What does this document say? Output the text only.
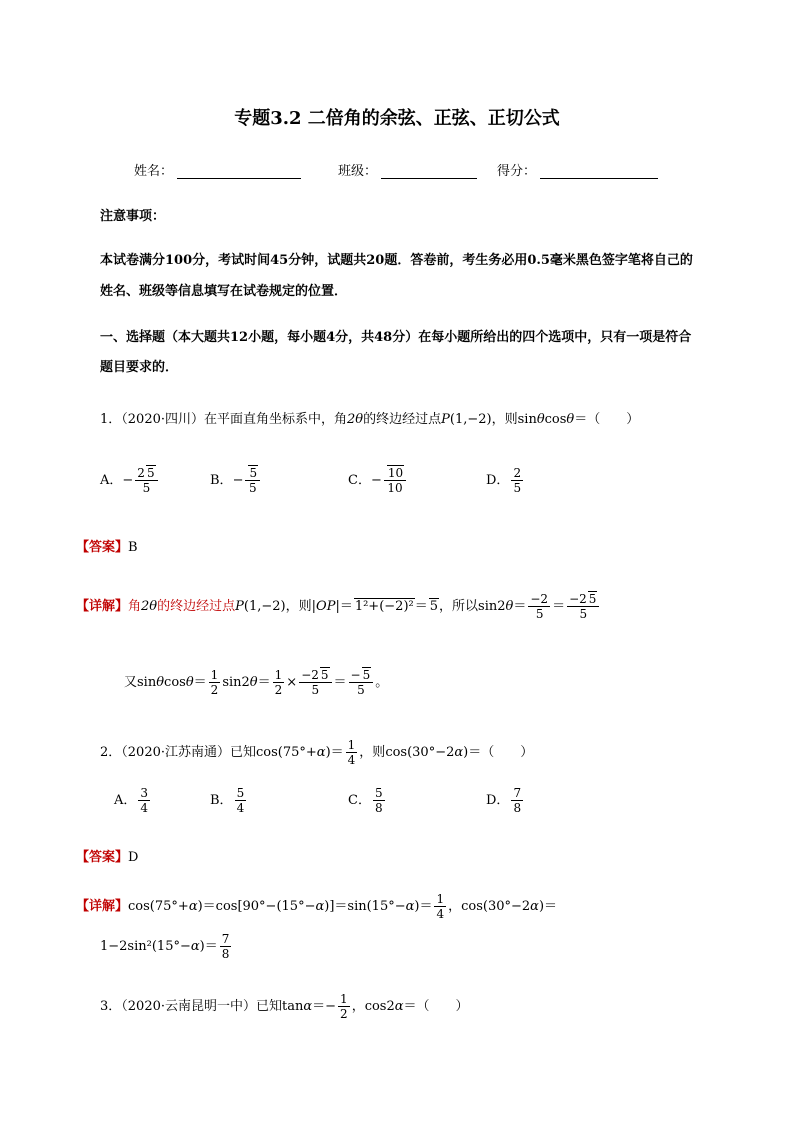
专题3.2 二倍角的余弦、正弦、正切公式
姓名：	班级：	得分：
注意事项：
本试卷满分100分，考试时间45分钟，试题共20题．答卷前，考生务必用0.5毫米黑色签字笔将自己的
姓名、班级等信息填写在试卷规定的位置．
一、选择题（本大题共12小题，每小题4分，共48分）在每小题所给出的四个选项中，只有一项是符合
题目要求的．
1．（2020·四川）在平面直角坐标系中，角2θ的终边经过点P(1,−2)，则sinθcosθ＝（　　）
A．− $\frac{2 5}{5}$	B．− $\frac{5}{5}$	C．− $\frac{10}{10}$	D． $\frac{2}{5}$
【答案】B
【详解】角2θ的终边经过点P(1,−2)，则|OP|＝ 1²+(−2)²＝ 5，所以$\sin 2\theta= \frac{-2}{5} = \frac{-2 5}{5}$
又$\sin\theta\cos\theta= \frac{1}{2} \sin 2\theta= \frac{1}{2} \times \frac{-2 5}{5} = \frac{- 5}{5}$ 。
2．（2020·江苏南通）已知$\cos(75^\circ+\alpha)= \frac{1}{4}$ ，则cos(30°−2α)＝（　　）
A． $\frac{3}{4}$	B． $\frac{5}{4}$	C． $\frac{5}{8}$	D． $\frac{7}{8}$
【答案】D
【详解】$\cos(75^\circ+\alpha)=\cos[90^\circ-(15^\circ-\alpha)]=\sin(15^\circ-\alpha)= \frac{1}{4}$ ，cos(30°−2α)＝
$1-2\sin^2(15^\circ-\alpha)= \frac{7}{8}$
3．（2020·云南昆明一中）已知$\tan\alpha=- \frac{1}{2}$ ，cos2α＝（　　）
